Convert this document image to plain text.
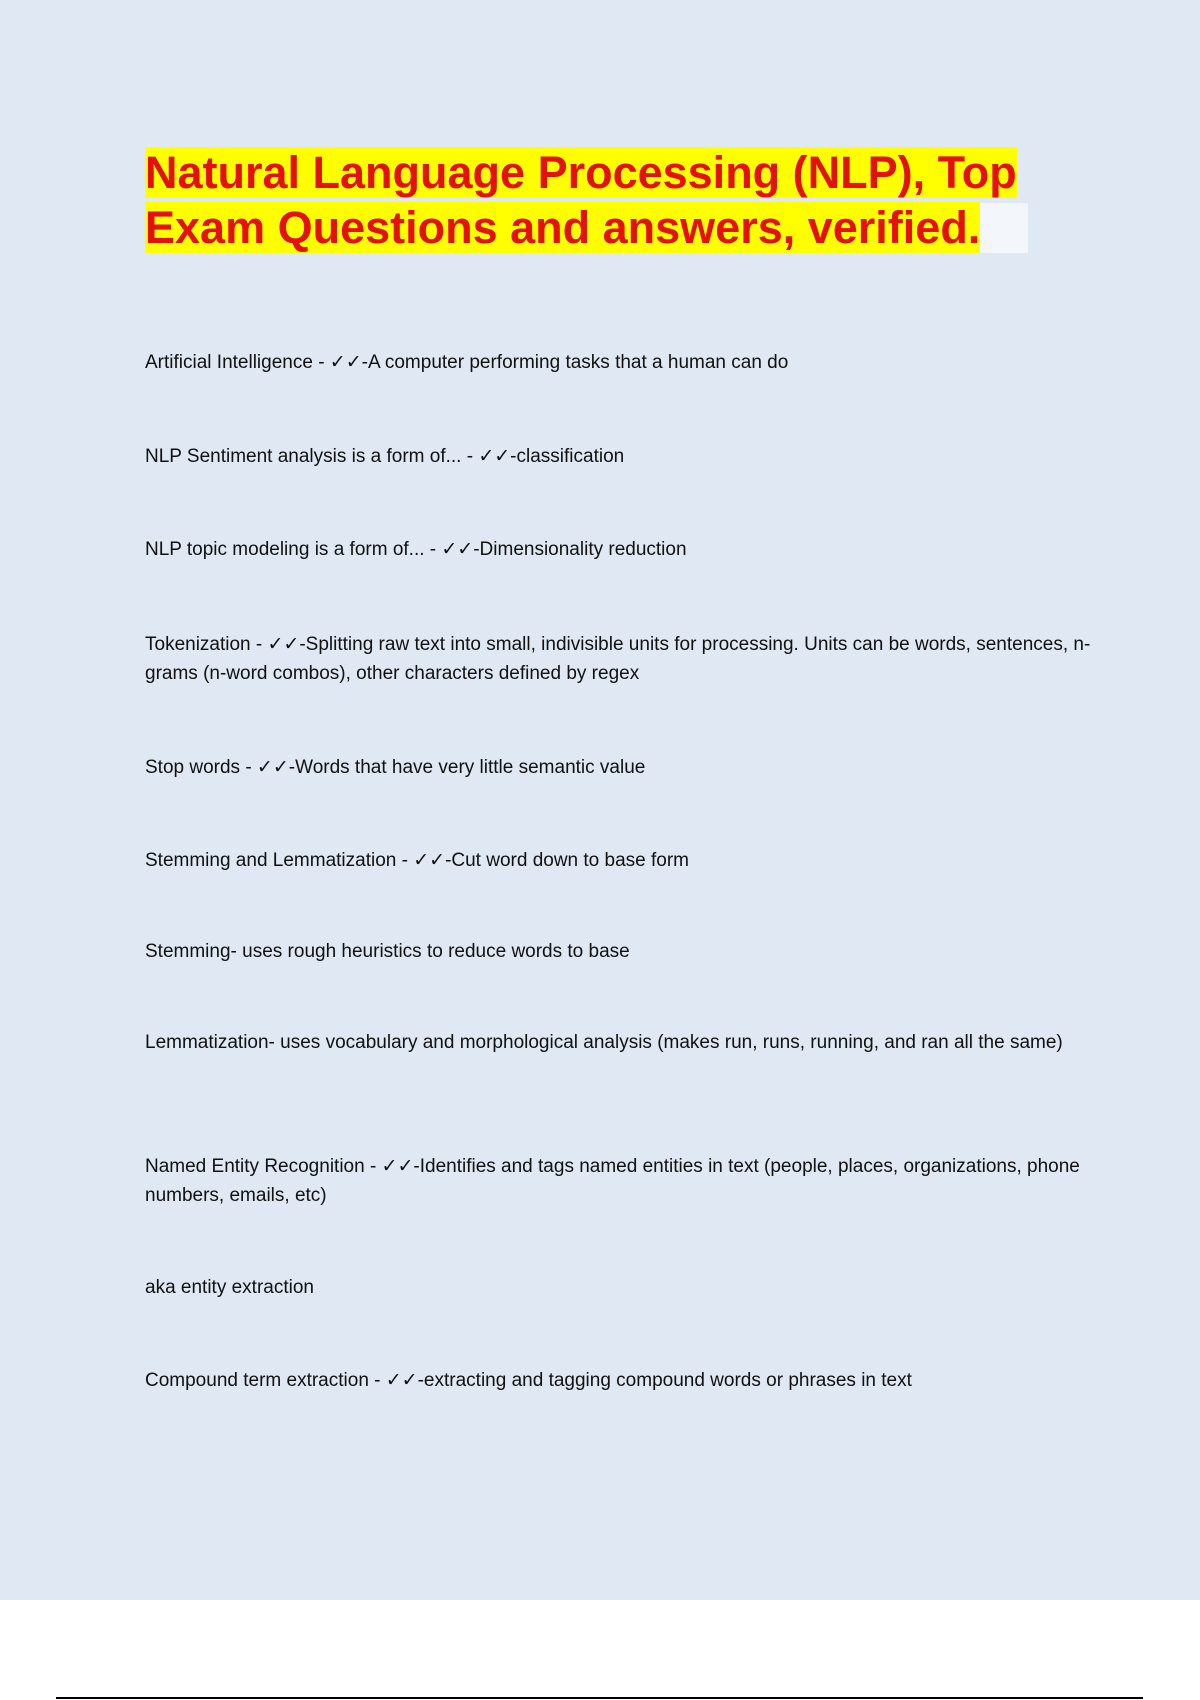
Natural Language Processing (NLP), Top
Exam Questions and answers, verified.

Artificial Intelligence - ✓✓-A computer performing tasks that a human can do

NLP Sentiment analysis is a form of... - ✓✓-classification

NLP topic modeling is a form of... - ✓✓-Dimensionality reduction

Tokenization - ✓✓-Splitting raw text into small, indivisible units for processing. Units can be words, sentences, n-grams (n-word combos), other characters defined by regex

Stop words - ✓✓-Words that have very little semantic value

Stemming and Lemmatization - ✓✓-Cut word down to base form

Stemming- uses rough heuristics to reduce words to base

Lemmatization- uses vocabulary and morphological analysis (makes run, runs, running, and ran all the same)

Named Entity Recognition - ✓✓-Identifies and tags named entities in text (people, places, organizations, phone numbers, emails, etc)

aka entity extraction

Compound term extraction - ✓✓-extracting and tagging compound words or phrases in text
